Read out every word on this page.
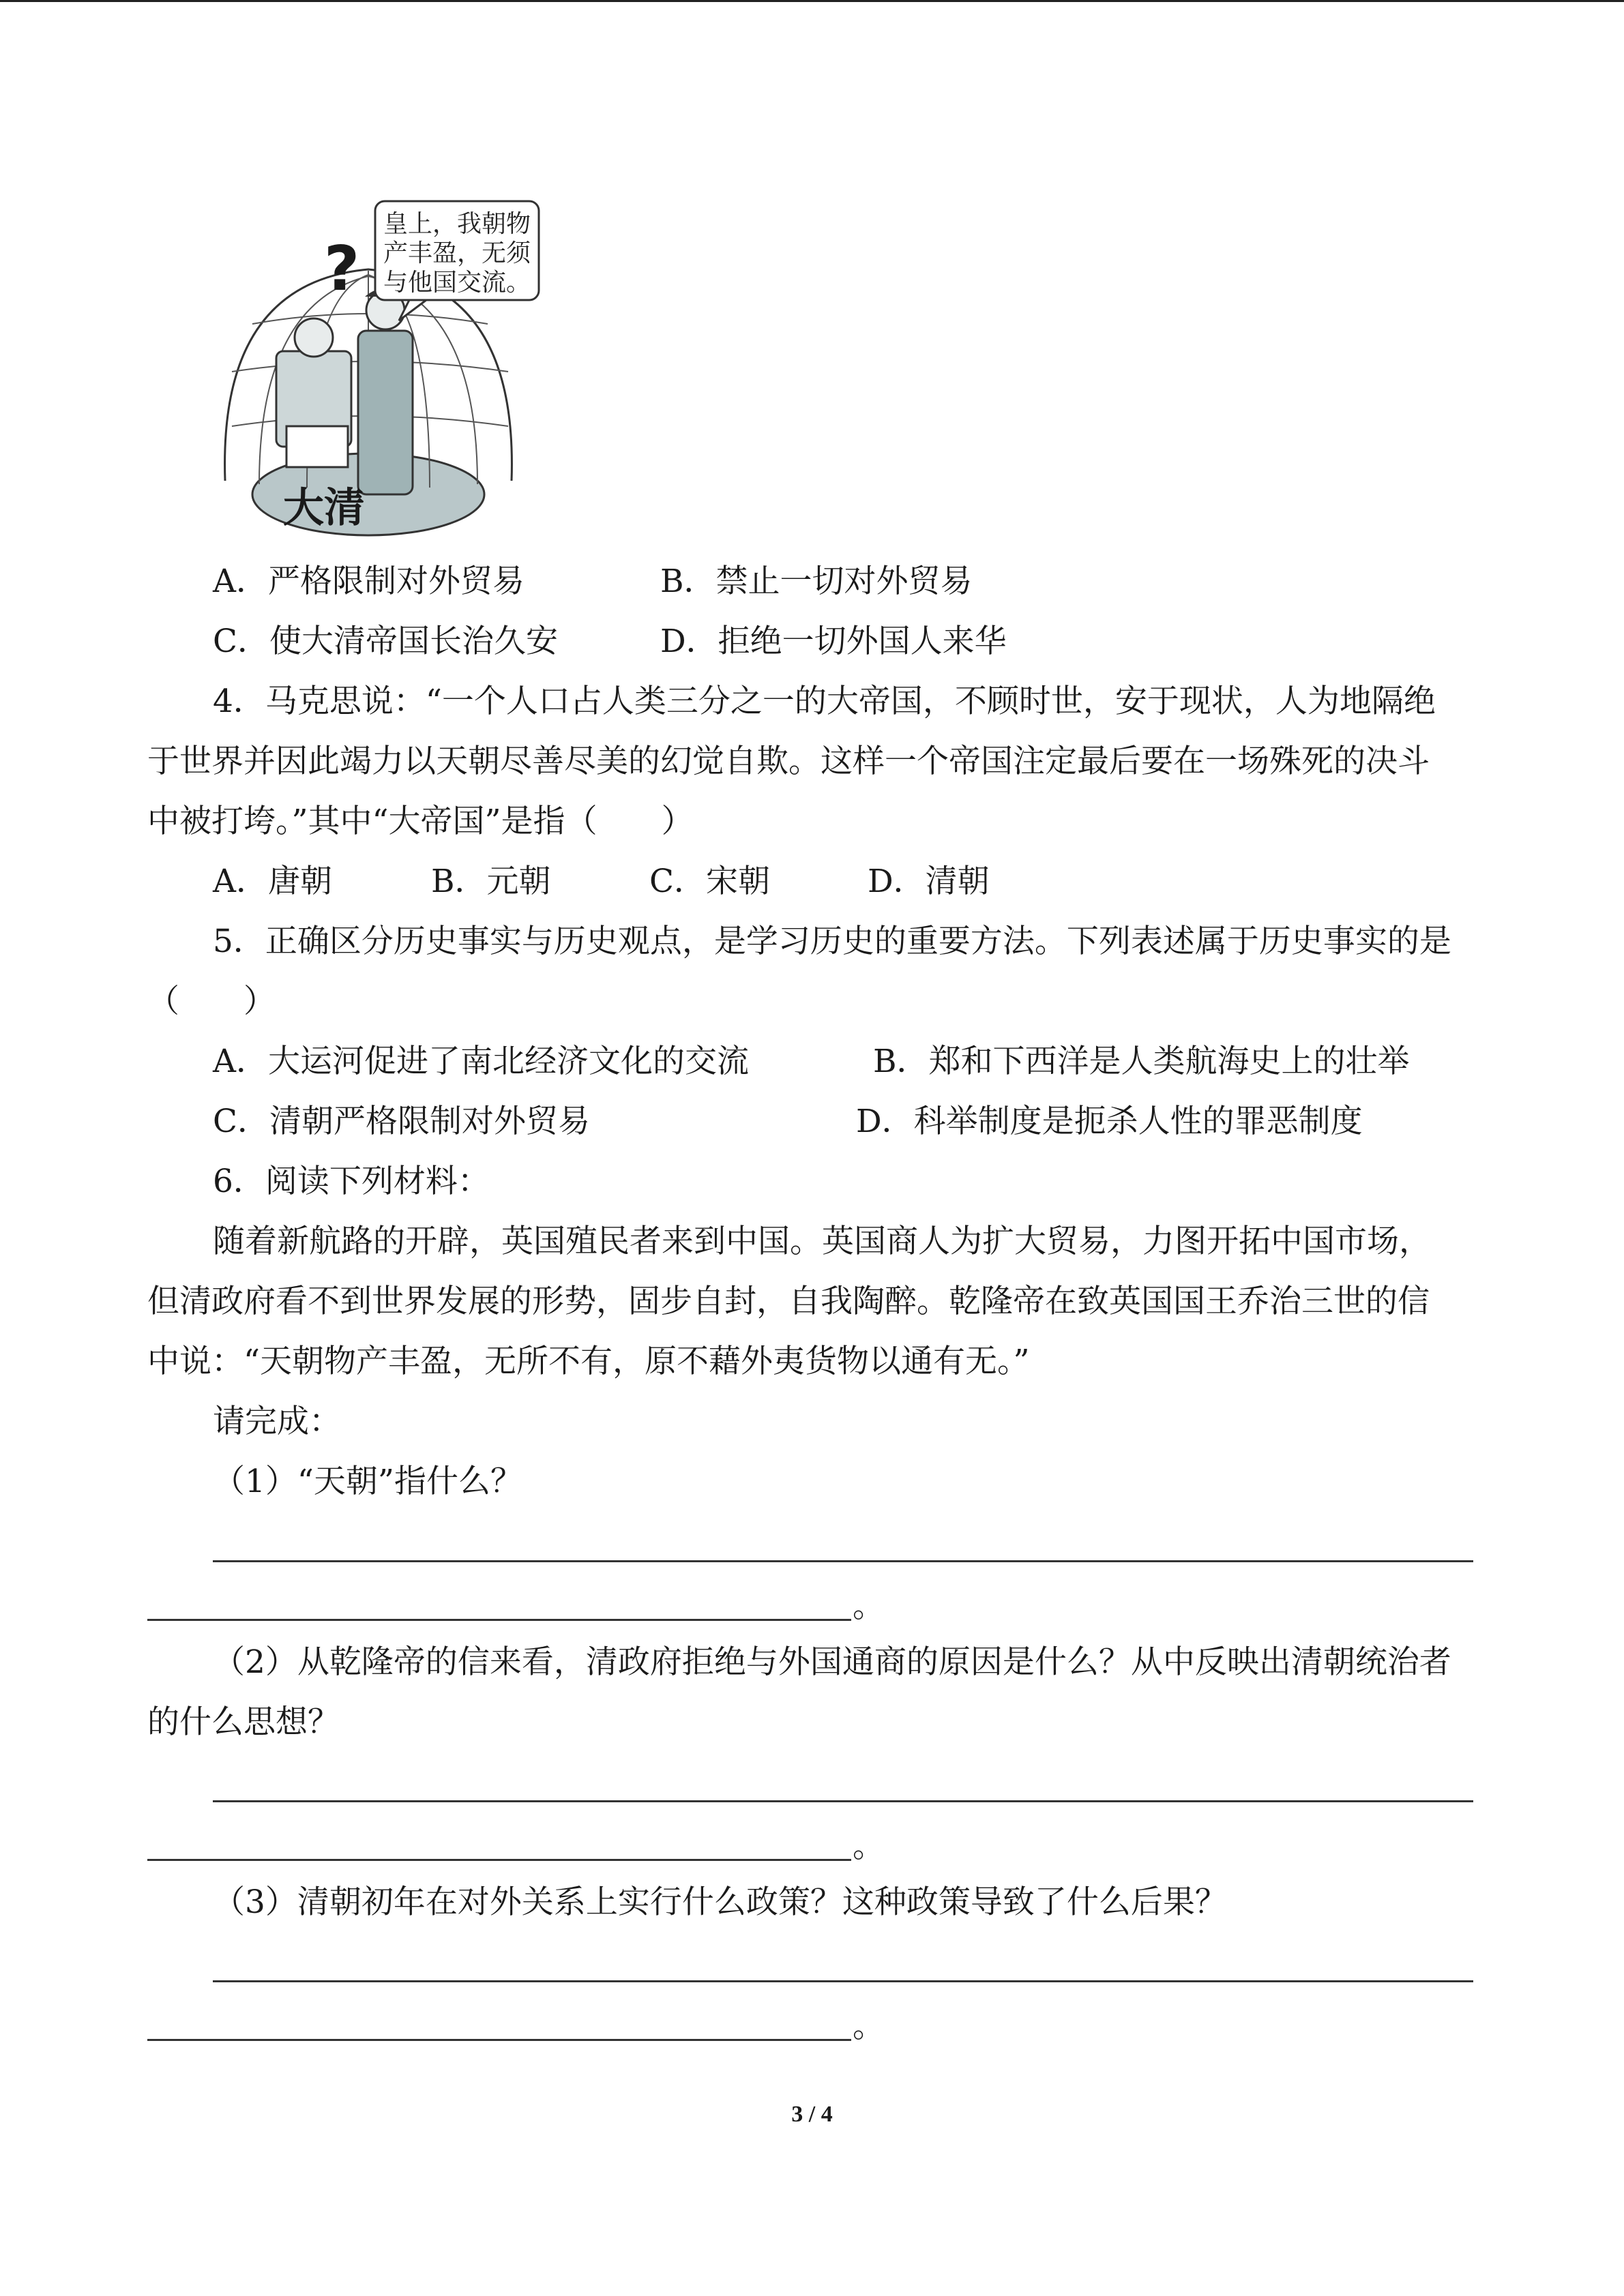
?
皇上，我朝物
产丰盈，无须
与他国交流。
大清
A．严格限制对外贸易	B．禁止一切对外贸易
C．使大清帝国长治久安	D．拒绝一切外国人来华
4．马克思说：“一个人口占人类三分之一的大帝国，不顾时世，安于现状，人为地隔绝
于世界并因此竭力以天朝尽善尽美的幻觉自欺。这样一个帝国注定最后要在一场殊死的决斗
中被打垮。”其中“大帝国”是指（　　）
A．唐朝	B．元朝	C．宋朝	D．清朝
5．正确区分历史事实与历史观点，是学习历史的重要方法。下列表述属于历史事实的是
（　　）
A．大运河促进了南北经济文化的交流	B．郑和下西洋是人类航海史上的壮举
C．清朝严格限制对外贸易	D．科举制度是扼杀人性的罪恶制度
6．阅读下列材料：
随着新航路的开辟，英国殖民者来到中国。英国商人为扩大贸易，力图开拓中国市场，
但清政府看不到世界发展的形势，固步自封，自我陶醉。乾隆帝在致英国国王乔治三世的信
中说：“天朝物产丰盈，无所不有，原不藉外夷货物以通有无。”
请完成：
（1）“天朝”指什么？
。
（2）从乾隆帝的信来看，清政府拒绝与外国通商的原因是什么？从中反映出清朝统治者
的什么思想？
。
（3）清朝初年在对外关系上实行什么政策？这种政策导致了什么后果？
。
3 / 4
